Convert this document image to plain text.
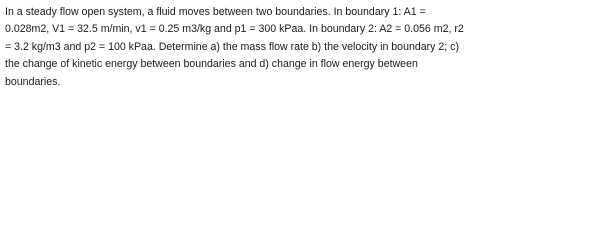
In a steady flow open system, a fluid moves between two boundaries. In boundary 1: A1 =
0.028m2, V1 = 32.5 m/min, v1 = 0.25 m3/kg and p1 = 300 kPaa. In boundary 2: A2 = 0.056 m2, r2
= 3.2 kg/m3 and p2 = 100 kPaa. Determine a) the mass flow rate b) the velocity in boundary 2; c)
the change of kinetic energy between boundaries and d) change in flow energy between
boundaries.
